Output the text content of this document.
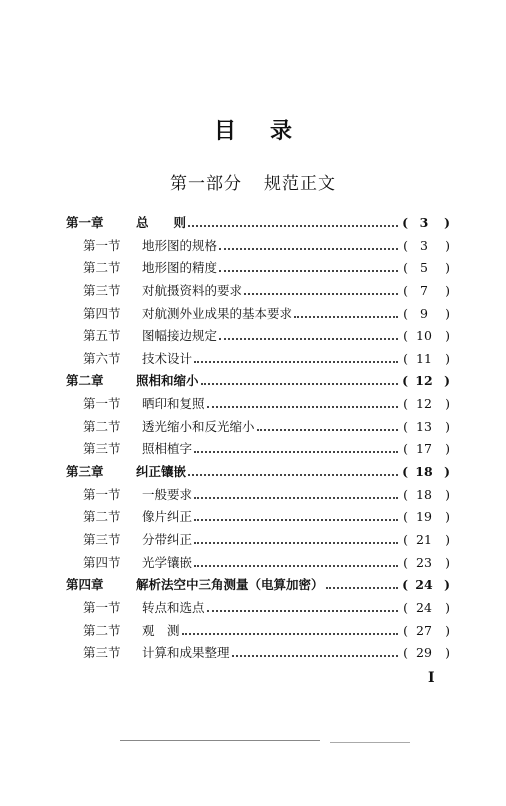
目 录
第一部分 规范正文
第一章	总　　则	( 3	)
第一节 地形图的规格	( 3	)
第二节 地形图的精度	( 5	)
第三节 对航摄资料的要求	( 7	)
第四节 对航测外业成果的基本要求	( 9	)
第五节 图幅接边规定	( 10	)
第六节 技术设计	( 11	)
第二章	照相和缩小	( 12 )
第一节 晒印和复照	( 12	)
第二节 透光缩小和反光缩小	( 13	)
第三节 照相植字	( 17	)
第三章	纠正镶嵌	( 18 )
第一节 一般要求	( 18	)
第二节 像片纠正	( 19	)
第三节 分带纠正	( 21	)
第四节 光学镶嵌	( 23	)
第四章	解析法空中三角测量（电算加密）	( 24 )
第一节 转点和选点	( 24	)
第二节 观　测	( 27	)
第三节 计算和成果整理	( 29	)
I
